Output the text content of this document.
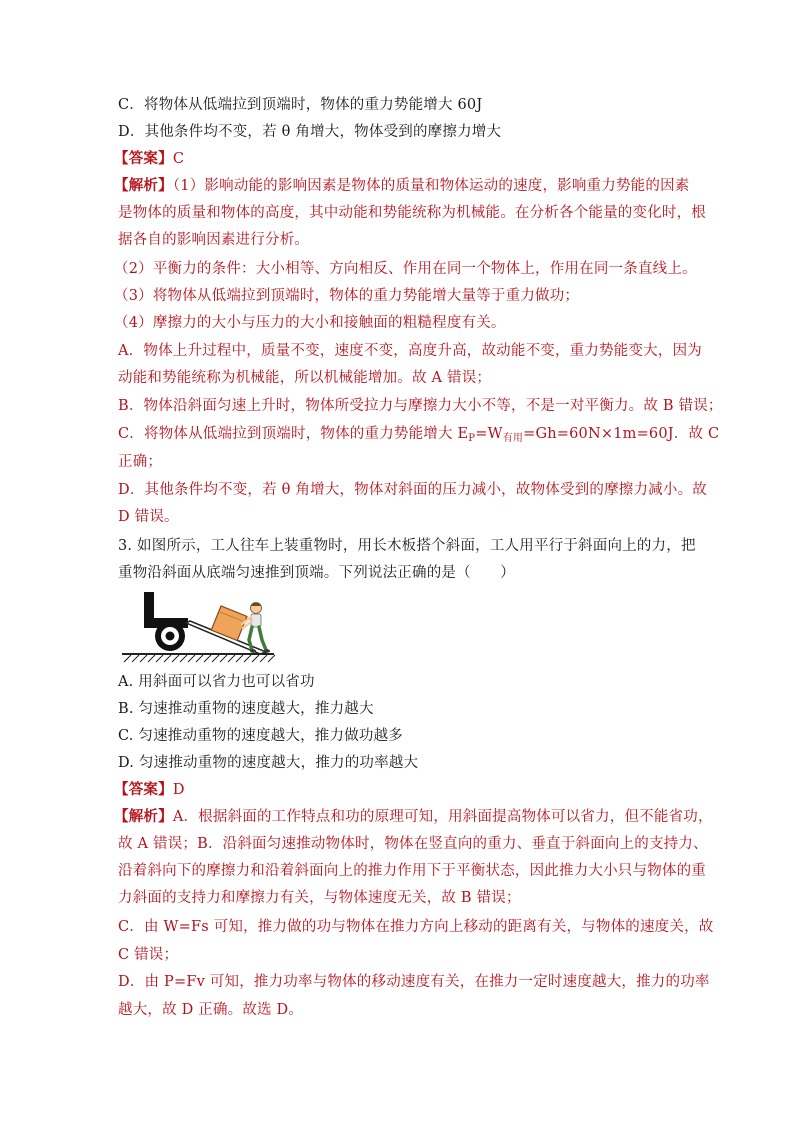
C．将物体从低端拉到顶端时，物体的重力势能增大 60J
D．其他条件均不变，若 θ 角增大，物体受到的摩擦力增大
【答案】C
【解析】（1）影响动能的影响因素是物体的质量和物体运动的速度，影响重力势能的因素
是物体的质量和物体的高度，其中动能和势能统称为机械能。在分析各个能量的变化时，根
据各自的影响因素进行分析。
（2）平衡力的条件：大小相等、方向相反、作用在同一个物体上，作用在同一条直线上。
（3）将物体从低端拉到顶端时，物体的重力势能增大量等于重力做功；
（4）摩擦力的大小与压力的大小和接触面的粗糙程度有关。
A．物体上升过程中，质量不变，速度不变，高度升高，故动能不变，重力势能变大，因为
动能和势能统称为机械能，所以机械能增加。故 A 错误；
B．物体沿斜面匀速上升时，物体所受拉力与摩擦力大小不等，不是一对平衡力。故 B 错误；
C．将物体从低端拉到顶端时，物体的重力势能增大 $E_P=W_{有用}=Gh=60N\times 1m=60J$．故 C
正确；
D．其他条件均不变，若 θ 角增大，物体对斜面的压力减小，故物体受到的摩擦力减小。故
D 错误。
3. 如图所示，工人往车上装重物时，用长木板搭个斜面，工人用平行于斜面向上的力，把
重物沿斜面从底端匀速推到顶端。下列说法正确的是（　　）
A. 用斜面可以省力也可以省功
B. 匀速推动重物的速度越大，推力越大
C. 匀速推动重物的速度越大，推力做功越多
D. 匀速推动重物的速度越大，推力的功率越大
【答案】D
【解析】A．根据斜面的工作特点和功的原理可知，用斜面提高物体可以省力，但不能省功，
故 A 错误；B．沿斜面匀速推动物体时，物体在竖直向的重力、垂直于斜面向上的支持力、
沿着斜向下的摩擦力和沿着斜面向上的推力作用下于平衡状态，因此推力大小只与物体的重
力斜面的支持力和摩擦力有关，与物体速度无关，故 B 错误；
C．由 W=Fs 可知，推力做的功与物体在推力方向上移动的距离有关，与物体的速度关，故
C 错误；
D．由 P=Fv 可知，推力功率与物体的移动速度有关，在推力一定时速度越大，推力的功率
越大，故 D 正确。故选 D。
